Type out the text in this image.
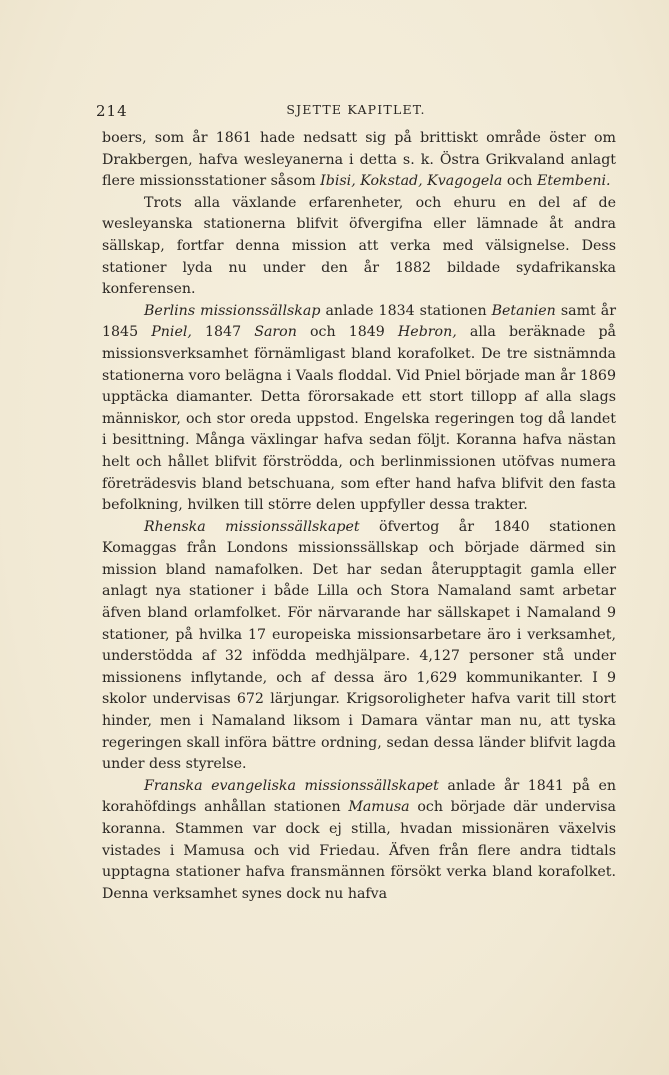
214	SJETTE KAPITLET.

boers, som år 1861 hade nedsatt sig på brittiskt område öster om Drakbergen, hafva wesleyanerna i detta s. k. Östra Grikvaland anlagt flere missionsstationer såsom Ibisi, Kokstad, Kvagogela och Etembeni.

Trots alla växlande erfarenheter, och ehuru en del af de wesleyanska stationerna blifvit öfvergifna eller lämnade åt andra sällskap, fortfar denna mission att verka med välsignelse. Dess stationer lyda nu under den år 1882 bildade sydafrikanska konferensen.

Berlins missionssällskap anlade 1834 stationen Betanien samt år 1845 Pniel, 1847 Saron och 1849 Hebron, alla beräknade på missionsverksamhet förnämligast bland korafolket. De tre sistnämnda stationerna voro belägna i Vaals floddal. Vid Pniel började man år 1869 upptäcka diamanter. Detta förorsakade ett stort tillopp af alla slags människor, och stor oreda uppstod. Engelska regeringen tog då landet i besittning. Många växlingar hafva sedan följt. Koranna hafva nästan helt och hållet blifvit förströdda, och berlinmissionen utöfvas numera företrädesvis bland betschuana, som efter hand hafva blifvit den fasta befolkning, hvilken till större delen uppfyller dessa trakter.

Rhenska missionssällskapet öfvertog år 1840 stationen Komaggas från Londons missionssällskap och började därmed sin mission bland namafolken. Det har sedan återupptagit gamla eller anlagt nya stationer i både Lilla och Stora Namaland samt arbetar äfven bland orlamfolket. För närvarande har sällskapet i Namaland 9 stationer, på hvilka 17 europeiska missionsarbetare äro i verksamhet, understödda af 32 infödda medhjälpare. 4,127 personer stå under missionens inflytande, och af dessa äro 1,629 kommunikanter. I 9 skolor undervisas 672 lärjungar. Krigsoroligheter hafva varit till stort hinder, men i Namaland liksom i Damara väntar man nu, att tyska regeringen skall införa bättre ordning, sedan dessa länder blifvit lagda under dess styrelse.

Franska evangeliska missionssällskapet anlade år 1841 på en korahöfdings anhållan stationen Mamusa och började där undervisa koranna. Stammen var dock ej stilla, hvadan missionären växelvis vistades i Mamusa och vid Friedau. Äfven från flere andra tidtals upptagna stationer hafva fransmännen försökt verka bland korafolket. Denna verksamhet synes dock nu hafva
